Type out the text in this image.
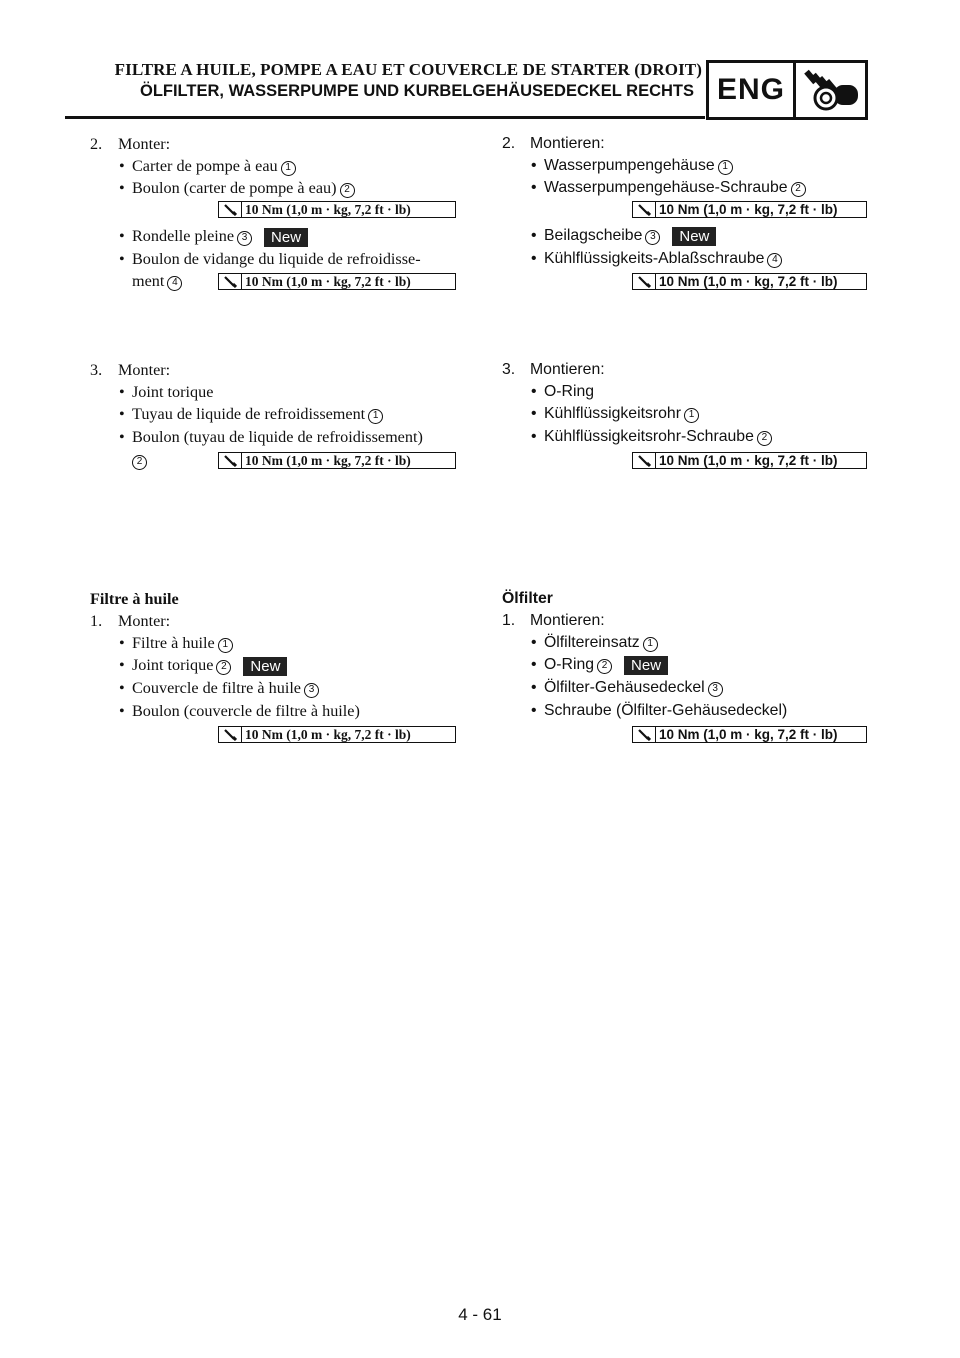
FILTRE A HUILE, POMPE A EAU ET COUVERCLE DE STARTER (DROIT)
ÖLFILTER, WASSERPUMPE UND KURBELGEHÄUSEDECKEL RECHTS ENG
2. Monter:
• Carter de pompe à eau 1
• Boulon (carter de pompe à eau) 2
10 Nm (1,0 m · kg, 7,2 ft · lb)
• Rondelle pleine 3 New
• Boulon de vidange du liquide de refroidisse-
ment 4	10 Nm (1,0 m · kg, 7,2 ft · lb)
3. Monter:
• Joint torique
• Tuyau de liquide de refroidissement 1
• Boulon (tuyau de liquide de refroidissement)
2	10 Nm (1,0 m · kg, 7,2 ft · lb)
Filtre à huile
1. Monter:
• Filtre à huile 1
• Joint torique 2 New
• Couvercle de filtre à huile 3
• Boulon (couvercle de filtre à huile)
10 Nm (1,0 m · kg, 7,2 ft · lb)
2. Montieren:
• Wasserpumpengehäuse 1
• Wasserpumpengehäuse-Schraube 2
10 Nm (1,0 m · kg, 7,2 ft · lb)
• Beilagscheibe 3 New
• Kühlflüssigkeits-Ablaßschraube 4
10 Nm (1,0 m · kg, 7,2 ft · lb)
3. Montieren:
• O-Ring
• Kühlflüssigkeitsrohr 1
• Kühlflüssigkeitsrohr-Schraube 2
10 Nm (1,0 m · kg, 7,2 ft · lb)
Ölfilter
1. Montieren:
• Ölfiltereinsatz 1
• O-Ring 2 New
• Ölfilter-Gehäusedeckel 3
• Schraube (Ölfilter-Gehäusedeckel)
10 Nm (1,0 m · kg, 7,2 ft · lb)
4 - 61
